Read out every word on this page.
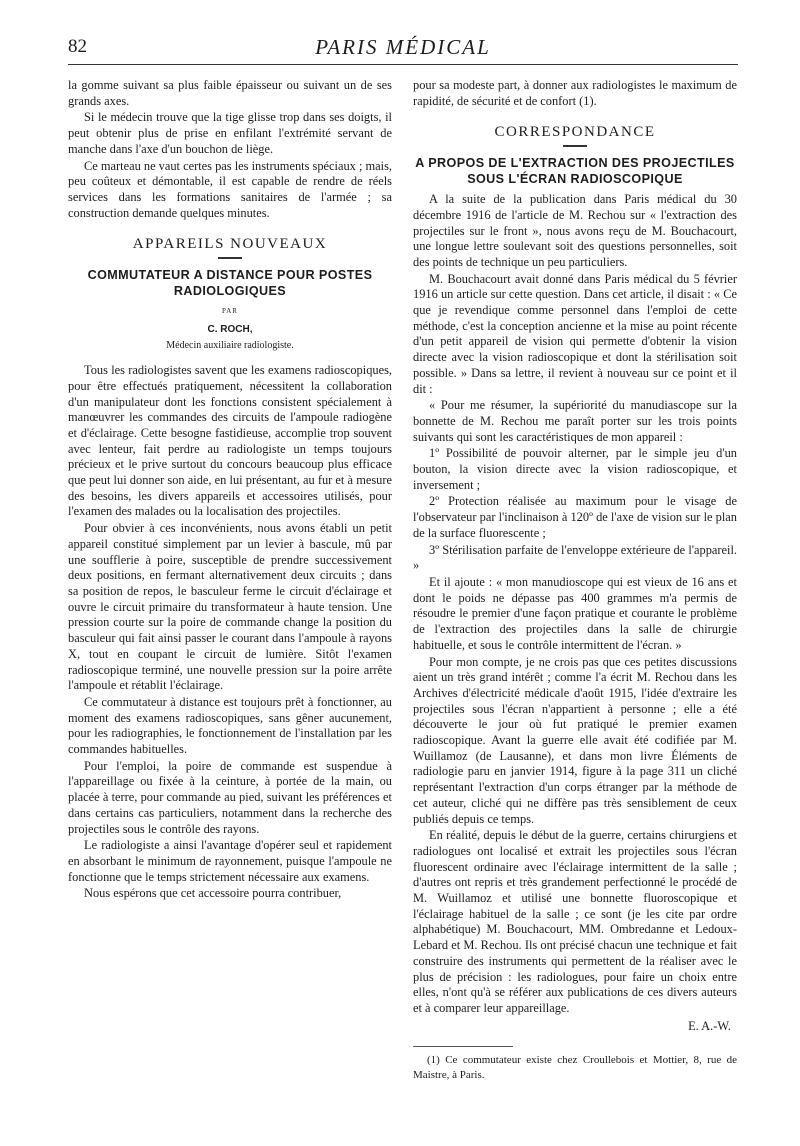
82	PARIS MÉDICAL

la gomme suivant sa plus faible épaisseur ou suivant un de ses grands axes.

Si le médecin trouve que la tige glisse trop dans ses doigts, il peut obtenir plus de prise en enfilant l'extrémité servant de manche dans l'axe d'un bouchon de liège.

Ce marteau ne vaut certes pas les instruments spéciaux ; mais, peu coûteux et démontable, il est capable de rendre de réels services dans les formations sanitaires de l'armée ; sa construction demande quelques minutes.

APPAREILS NOUVEAUX
COMMUTATEUR A DISTANCE POUR POSTES RADIOLOGIQUES
PAR
C. ROCH,
Médecin auxiliaire radiologiste.

Tous les radiologistes savent que les examens radioscopiques, pour être effectués pratiquement, nécessitent la collaboration d'un manipulateur dont les fonctions consistent spécialement à manœuvrer les commandes des circuits de l'ampoule radiogène et d'éclairage. Cette besogne fastidieuse, accomplie trop souvent avec lenteur, fait perdre au radiologiste un temps toujours précieux et le prive surtout du concours beaucoup plus efficace que peut lui donner son aide, en lui présentant, au fur et à mesure des besoins, les divers appareils et accessoires utilisés, pour l'examen des malades ou la localisation des projectiles.

Pour obvier à ces inconvénients, nous avons établi un petit appareil constitué simplement par un levier à bascule, mû par une soufflerie à poire, susceptible de prendre successivement deux positions, en fermant alternativement deux circuits ; dans sa position de repos, le basculeur ferme le circuit d'éclairage et ouvre le circuit primaire du transformateur à haute tension. Une pression courte sur la poire de commande change la position du basculeur qui fait ainsi passer le courant dans l'ampoule à rayons X, tout en coupant le circuit de lumière. Sitôt l'examen radioscopique terminé, une nouvelle pression sur la poire arrête l'ampoule et rétablit l'éclairage.

Ce commutateur à distance est toujours prêt à fonctionner, au moment des examens radioscopiques, sans gêner aucunement, pour les radiographies, le fonctionnement de l'installation par les commandes habituelles.

Pour l'emploi, la poire de commande est suspendue à l'appareillage ou fixée à la ceinture, à portée de la main, ou placée à terre, pour commande au pied, suivant les préférences et dans certains cas particuliers, notamment dans la recherche des projectiles sous le contrôle des rayons.

Le radiologiste a ainsi l'avantage d'opérer seul et rapidement en absorbant le minimum de rayonnement, puisque l'ampoule ne fonctionne que le temps strictement nécessaire aux examens.

Nous espérons que cet accessoire pourra contribuer,

pour sa modeste part, à donner aux radiologistes le maximum de rapidité, de sécurité et de confort (1).

CORRESPONDANCE
A PROPOS DE L'EXTRACTION DES PROJECTILES SOUS L'ÉCRAN RADIOSCOPIQUE

A la suite de la publication dans Paris médical du 30 décembre 1916 de l'article de M. Rechou sur « l'extraction des projectiles sur le front », nous avons reçu de M. Bouchacourt, une longue lettre soulevant soit des questions personnelles, soit des points de technique un peu particuliers.

M. Bouchacourt avait donné dans Paris médical du 5 février 1916 un article sur cette question. Dans cet article, il disait : « Ce que je revendique comme personnel dans l'emploi de cette méthode, c'est la conception ancienne et la mise au point récente d'un petit appareil de vision qui permette d'obtenir la vision directe avec la vision radioscopique et dont la stérilisation soit possible. » Dans sa lettre, il revient à nouveau sur ce point et il dit :

« Pour me résumer, la supériorité du manudiascope sur la bonnette de M. Rechou me paraît porter sur les trois points suivants qui sont les caractéristiques de mon appareil :

1º Possibilité de pouvoir alterner, par le simple jeu d'un bouton, la vision directe avec la vision radioscopique, et inversement ;

2º Protection réalisée au maximum pour le visage de l'observateur par l'inclinaison à 120º de l'axe de vision sur le plan de la surface fluorescente ;

3º Stérilisation parfaite de l'enveloppe extérieure de l'appareil. »

Et il ajoute : « mon manudioscope qui est vieux de 16 ans et dont le poids ne dépasse pas 400 grammes m'a permis de résoudre le premier d'une façon pratique et courante le problème de l'extraction des projectiles dans la salle de chirurgie habituelle, et sous le contrôle intermittent de l'écran. »

Pour mon compte, je ne crois pas que ces petites discussions aient un très grand intérêt ; comme l'a écrit M. Rechou dans les Archives d'électricité médicale d'août 1915, l'idée d'extraire les projectiles sous l'écran n'appartient à personne ; elle a été découverte le jour où fut pratiqué le premier examen radioscopique. Avant la guerre elle avait été codifiée par M. Wuillamoz (de Lausanne), et dans mon livre Éléments de radiologie paru en janvier 1914, figure à la page 311 un cliché représentant l'extraction d'un corps étranger par la méthode de cet auteur, cliché qui ne diffère pas très sensiblement de ceux publiés depuis ce temps.

En réalité, depuis le début de la guerre, certains chirurgiens et radiologues ont localisé et extrait les projectiles sous l'écran fluorescent ordinaire avec l'éclairage intermittent de la salle ; d'autres ont repris et très grandement perfectionné le procédé de M. Wuillamoz et utilisé une bonnette fluoroscopique et l'éclairage habituel de la salle ; ce sont (je les cite par ordre alphabétique) M. Bouchacourt, MM. Ombredanne et Ledoux-Lebard et M. Rechou. Ils ont précisé chacun une technique et fait construire des instruments qui permettent de la réaliser avec le plus de précision : les radiologues, pour faire un choix entre elles, n'ont qu'à se référer aux publications de ces divers auteurs et à comparer leur appareillage.

E. A.-W.

(1) Ce commutateur existe chez Croullebois et Mottier, 8, rue de Maistre, à Paris.
